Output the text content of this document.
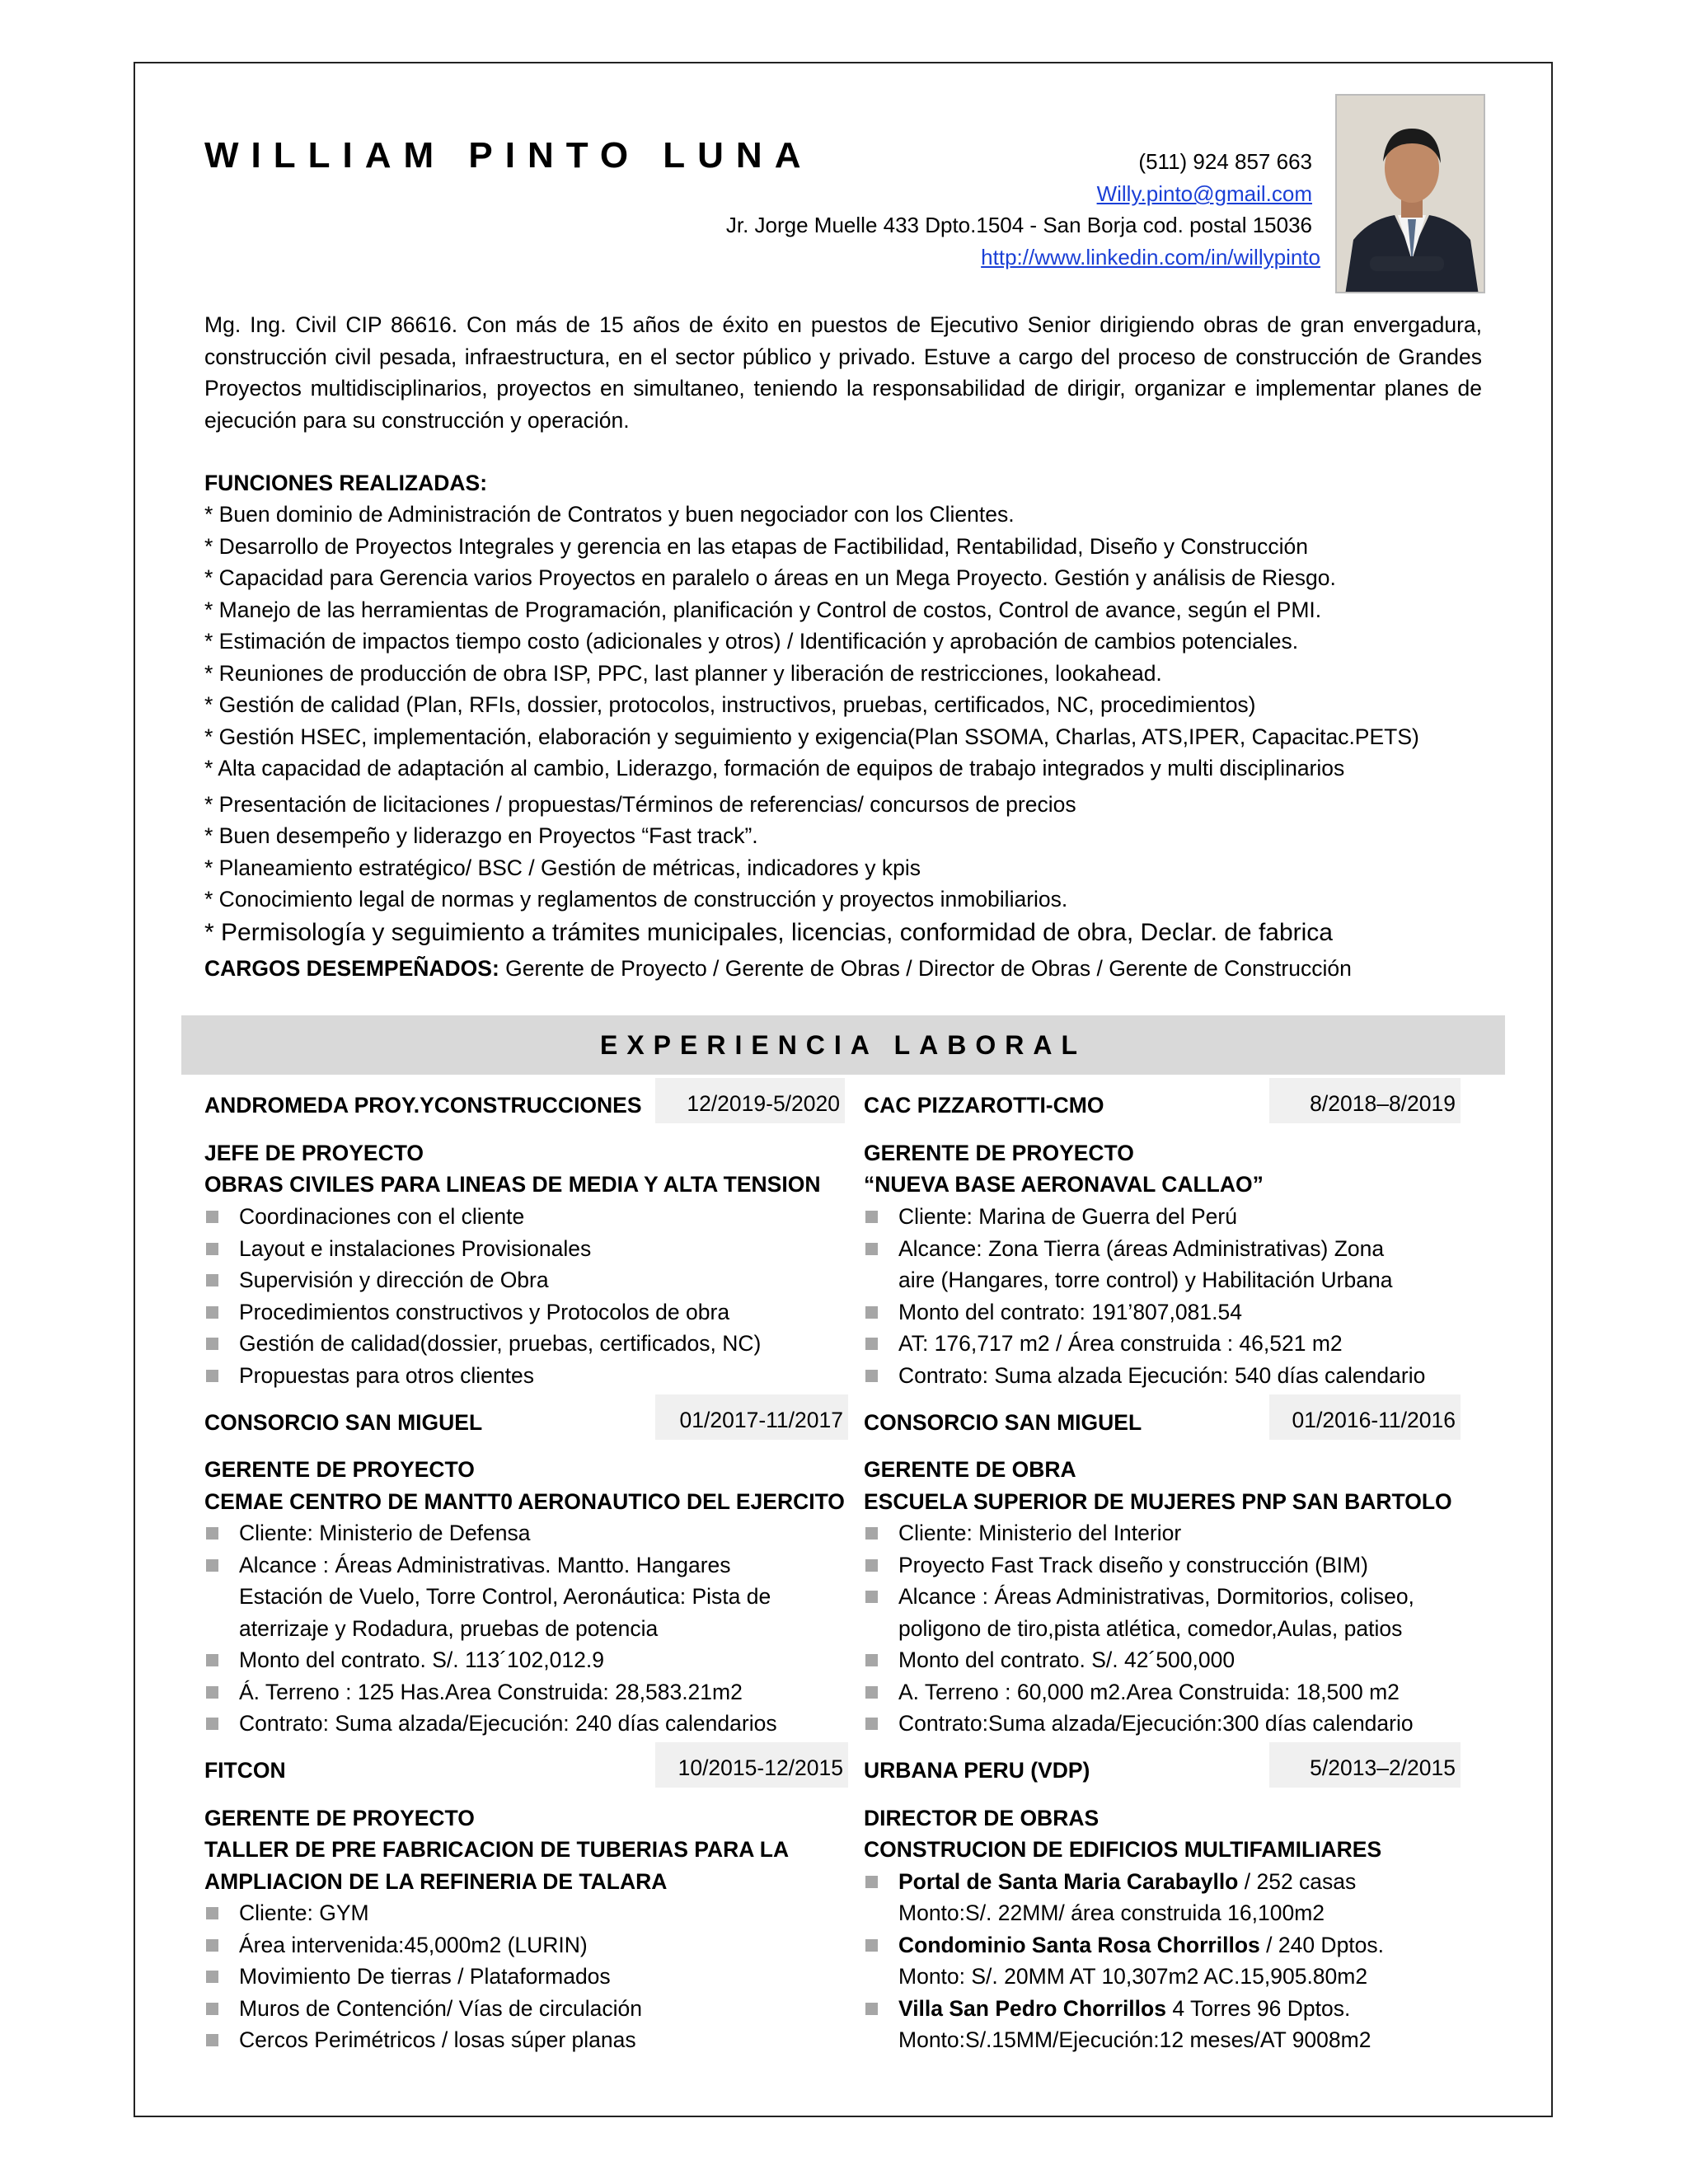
WILLIAM PINTO LUNA	(511) 924 857 663
Willy.pinto@gmail.com
Jr. Jorge Muelle 433 Dpto.1504 - San Borja cod. postal 15036
http://www.linkedin.com/in/willypinto
Mg. Ing. Civil CIP 86616. Con más de 15 años de éxito en puestos de Ejecutivo Senior dirigiendo obras de gran envergadura, construcción civil pesada, infraestructura, en el sector público y privado. Estuve a cargo del proceso de construcción de Grandes Proyectos multidisciplinarios, proyectos en simultaneo, teniendo la responsabilidad de dirigir, organizar e implementar planes de ejecución para su construcción y operación.
FUNCIONES REALIZADAS:
* Buen dominio de Administración de Contratos y buen negociador con los Clientes.
* Desarrollo de Proyectos Integrales y gerencia en las etapas de Factibilidad, Rentabilidad, Diseño y Construcción
* Capacidad para Gerencia varios Proyectos en paralelo o áreas en un Mega Proyecto. Gestión y análisis de Riesgo.
* Manejo de las herramientas de Programación, planificación y Control de costos, Control de avance, según el PMI.
* Estimación de impactos tiempo costo (adicionales y otros) / Identificación y aprobación de cambios potenciales.
* Reuniones de producción de obra ISP, PPC, last planner y liberación de restricciones, lookahead.
* Gestión de calidad (Plan, RFIs, dossier, protocolos, instructivos, pruebas, certificados, NC, procedimientos)
* Gestión HSEC, implementación, elaboración y seguimiento y exigencia(Plan SSOMA, Charlas, ATS,IPER, Capacitac.PETS)
* Alta capacidad de adaptación al cambio, Liderazgo, formación de equipos de trabajo integrados y multi disciplinarios
* Presentación de licitaciones / propuestas/Términos de referencias/ concursos de precios
* Buen desempeño y liderazgo en Proyectos “Fast track”.
* Planeamiento estratégico/ BSC / Gestión de métricas, indicadores y kpis
* Conocimiento legal de normas y reglamentos de construcción y proyectos inmobiliarios.
* Permisología y seguimiento a trámites municipales, licencias, conformidad de obra, Declar. de fabrica
CARGOS DESEMPEÑADOS: Gerente de Proyecto / Gerente de Obras / Director de Obras / Gerente de Construcción
EXPERIENCIA LABORAL
ANDROMEDA PROY.YCONSTRUCCIONES	12/2019-5/2020 CAC PIZZAROTTI-CMO	8/2018–8/2019
JEFE DE PROYECTO
OBRAS CIVILES PARA LINEAS DE MEDIA Y ALTA TENSION
Coordinaciones con el cliente
Layout e instalaciones Provisionales
Supervisión y dirección de Obra
Procedimientos constructivos y Protocolos de obra
Gestión de calidad(dossier, pruebas, certificados, NC)
Propuestas para otros clientes
GERENTE DE PROYECTO
“NUEVA BASE AERONAVAL CALLAO”
Cliente: Marina de Guerra del Perú
Alcance: Zona Tierra (áreas Administrativas) Zona
aire (Hangares, torre control) y Habilitación Urbana
Monto del contrato: 191’807,081.54
AT: 176,717 m2 / Área construida : 46,521 m2
Contrato: Suma alzada Ejecución: 540 días calendario
CONSORCIO SAN MIGUEL	01/2017-11/2017 CONSORCIO SAN MIGUEL	01/2016-11/2016
GERENTE DE PROYECTO
CEMAE CENTRO DE MANTT0 AERONAUTICO DEL EJERCITO
Cliente: Ministerio de Defensa
Alcance : Áreas Administrativas. Mantto. Hangares
Estación de Vuelo, Torre Control, Aeronáutica: Pista de
aterrizaje y Rodadura, pruebas de potencia
Monto del contrato. S/. 113´102,012.9
Á. Terreno : 125 Has.Area Construida: 28,583.21m2
Contrato: Suma alzada/Ejecución: 240 días calendarios
GERENTE DE OBRA
ESCUELA SUPERIOR DE MUJERES PNP SAN BARTOLO
Cliente: Ministerio del Interior
Proyecto Fast Track diseño y construcción (BIM)
Alcance : Áreas Administrativas, Dormitorios, coliseo,
poligono de tiro,pista atlética, comedor,Aulas, patios
Monto del contrato. S/. 42´500,000
A. Terreno : 60,000 m2.Area Construida: 18,500 m2
Contrato:Suma alzada/Ejecución:300 días calendario
FITCON	10/2015-12/2015 URBANA PERU (VDP)	5/2013–2/2015
GERENTE DE PROYECTO
TALLER DE PRE FABRICACION DE TUBERIAS PARA LA
AMPLIACION DE LA REFINERIA DE TALARA
Cliente: GYM
Área intervenida:45,000m2 (LURIN)
Movimiento De tierras / Plataformados
Muros de Contención/ Vías de circulación
Cercos Perimétricos / losas súper planas
DIRECTOR DE OBRAS
CONSTRUCION DE EDIFICIOS MULTIFAMILIARES
Portal de Santa Maria Carabayllo / 252 casas
Monto:S/. 22MM/ área construida 16,100m2
Condominio Santa Rosa Chorrillos / 240 Dptos.
Monto: S/. 20MM AT 10,307m2 AC.15,905.80m2
Villa San Pedro Chorrillos 4 Torres 96 Dptos.
Monto:S/.15MM/Ejecución:12 meses/AT 9008m2
